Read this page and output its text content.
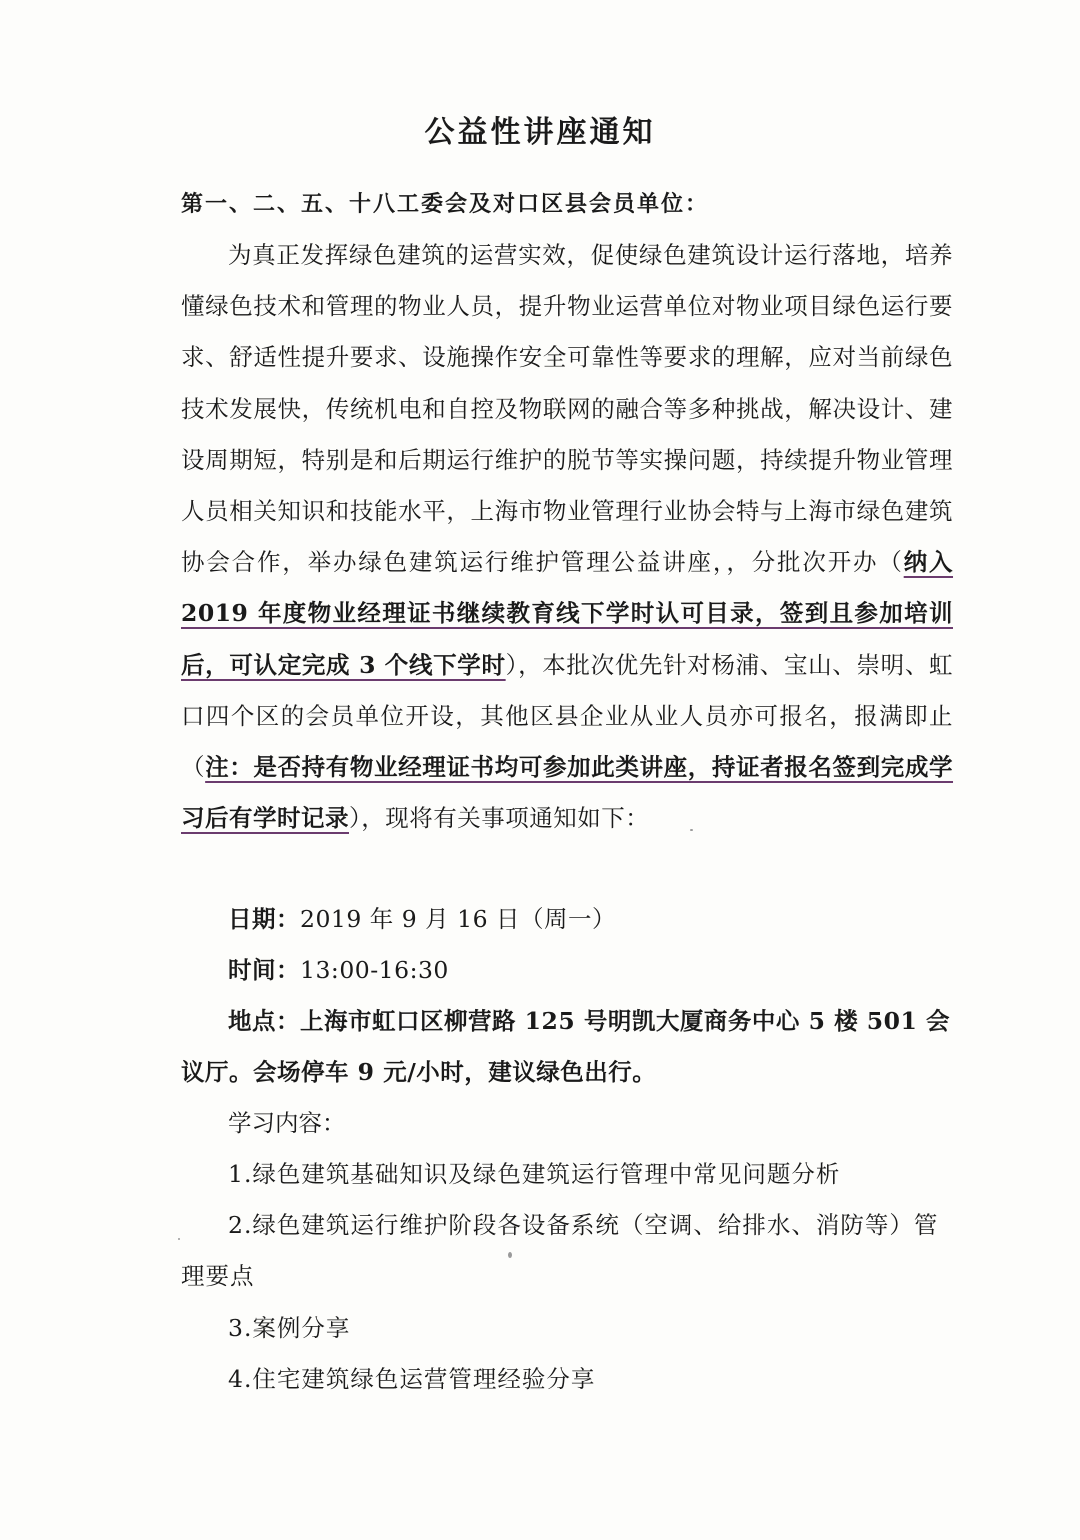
公益性讲座通知

第一、二、五、十八工委会及对口区县会员单位：

为真正发挥绿色建筑的运营实效，促使绿色建筑设计运行落地，培养懂绿色技术和管理的物业人员，提升物业运营单位对物业项目绿色运行要求、舒适性提升要求、设施操作安全可靠性等要求的理解，应对当前绿色技术发展快，传统机电和自控及物联网的融合等多种挑战，解决设计、建设周期短，特别是和后期运行维护的脱节等实操问题，持续提升物业管理人员相关知识和技能水平，上海市物业管理行业协会特与上海市绿色建筑协会合作，举办绿色建筑运行维护管理公益讲座，，分批次开办（纳入 2019 年度物业经理证书继续教育线下学时认可目录，签到且参加培训后，可认定完成 3 个线下学时），本批次优先针对杨浦、宝山、崇明、虹口四个区的会员单位开设，其他区县企业从业人员亦可报名，报满即止（注：是否持有物业经理证书均可参加此类讲座，持证者报名签到完成学习后有学时记录），现将有关事项通知如下：

日期：2019 年 9 月 16 日（周一）

时间：13:00-16:30

地点：上海市虹口区柳营路 125 号明凯大厦商务中心 5 楼 501 会议厅。会场停车 9 元/小时，建议绿色出行。

学习内容：

1.绿色建筑基础知识及绿色建筑运行管理中常见问题分析
2.绿色建筑运行维护阶段各设备系统（空调、给排水、消防等）管理要点
3.案例分享
4.住宅建筑绿色运营管理经验分享
